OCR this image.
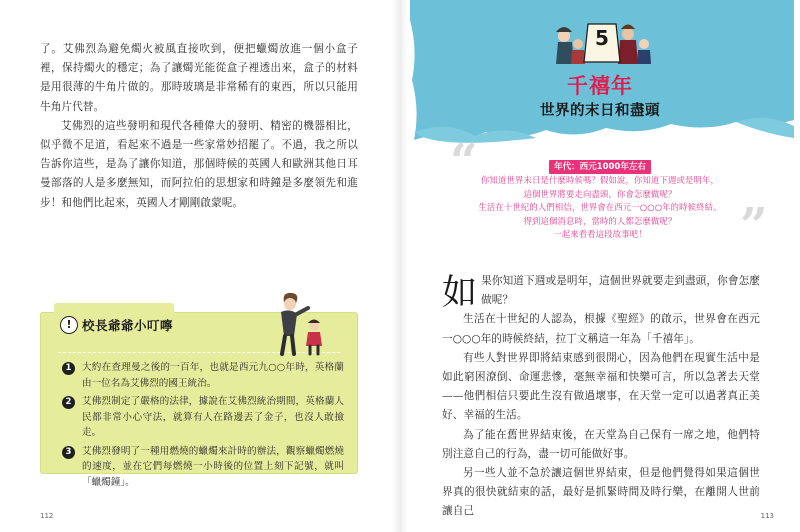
了。艾佛烈為避免燭火被風直接吹到，便把蠟燭放進一個小盒子裡，保持燭火的穩定；為了讓燭光能從盒子裡透出來，盒子的材料是用很薄的牛角片做的。那時玻璃是非常稀有的東西，所以只能用牛角片代替。

艾佛烈的這些發明和現代各種偉大的發明、精密的機器相比，似乎微不足道，看起來不過是一些家常妙招罷了。不過，我之所以告訴你這些，是為了讓你知道，那個時候的英國人和歐洲其他日耳曼部落的人是多麼無知，而阿拉伯的思想家和時鐘是多麼領先和進步！和他們比起來，英國人才剛剛啟蒙呢。

! 校長爺爺小叮嚀
1	大約在查理曼之後的一百年，也就是西元九○○年時，英格蘭由一位名為艾佛烈的國王統治。
2	艾佛烈制定了嚴格的法律，據說在艾佛烈統治期間，英格蘭人民都非常小心守法，就算有人在路邊丟了金子，也沒人敢撿走。
3	艾佛烈發明了一種用燃燒的蠟燭來計時的辦法，觀察蠟燭燃燒的速度，並在它們每燃燒一小時後的位置上刻下記號，就叫「蠟燭鐘」。
112
5
千禧年
世界的末日和盡頭
“
”
年代：西元1000年左右

你知道世界末日是什麼時候嗎？假如說，你知道下週或是明年，

這個世界將要走向盡頭，你會怎麼做呢？

生活在十世紀的人們相信，世界會在西元一○○○年的時候終結。

得到這個消息時，當時的人都怎麼做呢？

一起來看看這段故事吧！

如果你知道下週或是明年，這個世界就要走到盡頭，你會怎麼做呢？

生活在十世紀的人認為，根據《聖經》的啟示，世界會在西元一○○○年的時候終結，拉丁文稱這一年為「千禧年」。

有些人對世界即將結束感到很開心，因為他們在現實生活中是如此窮困潦倒、命運悲慘，毫無幸福和快樂可言，所以急著去天堂——他們相信只要此生沒有做過壞事，在天堂一定可以過著真正美好、幸福的生活。

為了能在舊世界結束後，在天堂為自己保有一席之地，他們特別注意自己的行為，盡一切可能做好事。

另一些人並不急於讓這個世界結束，但是他們覺得如果這個世界真的很快就結束的話，最好是抓緊時間及時行樂，在離開人世前讓自己	113
